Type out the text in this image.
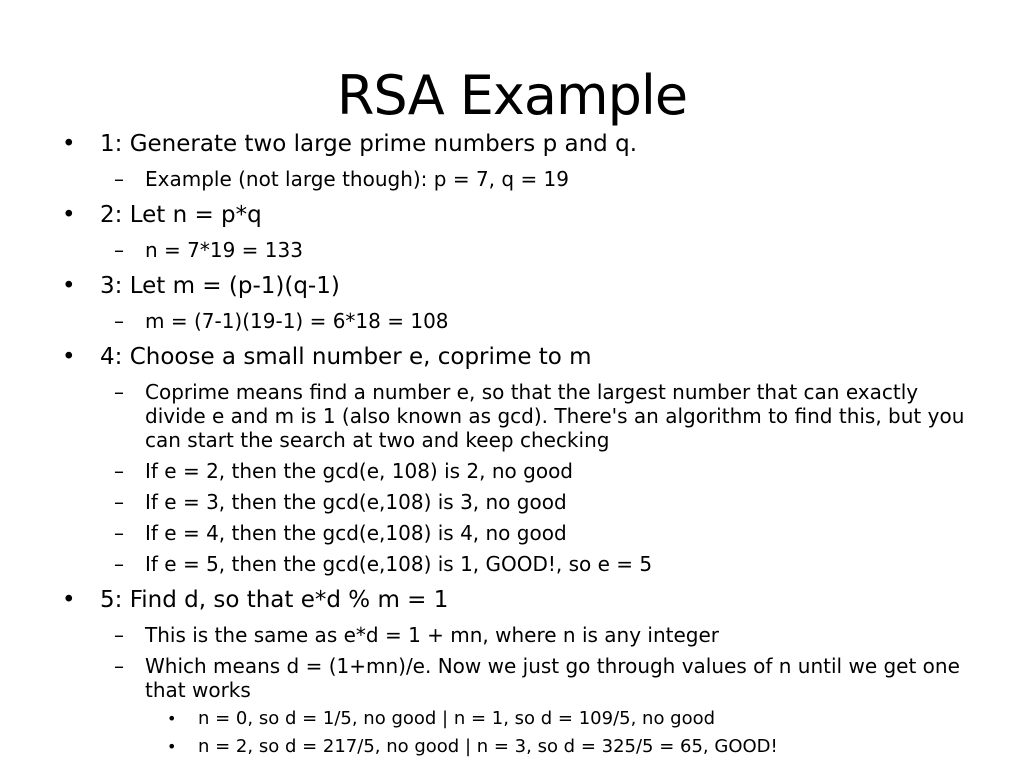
RSA Example
• 1: Generate two large prime numbers p and q.
– Example (not large though): p = 7, q = 19
• 2: Let n = p*q
– n = 7*19 = 133
• 3: Let m = (p-1)(q-1)
– m = (7-1)(19-1) = 6*18 = 108
• 4: Choose a small number e, coprime to m
– Coprime means find a number e, so that the largest number that can exactly divide e and m is 1 (also known as gcd). There's an algorithm to find this, but you can start the search at two and keep checking
– If e = 2, then the gcd(e, 108) is 2, no good
– If e = 3, then the gcd(e,108) is 3, no good
– If e = 4, then the gcd(e,108) is 4, no good
– If e = 5, then the gcd(e,108) is 1, GOOD!, so e = 5
• 5: Find d, so that e*d % m = 1
– This is the same as e*d = 1 + mn, where n is any integer
– Which means d = (1+mn)/e. Now we just go through values of n until we get one that works
• n = 0, so d = 1/5, no good | n = 1, so d = 109/5, no good
• n = 2, so d = 217/5, no good | n = 3, so d = 325/5 = 65, GOOD!
